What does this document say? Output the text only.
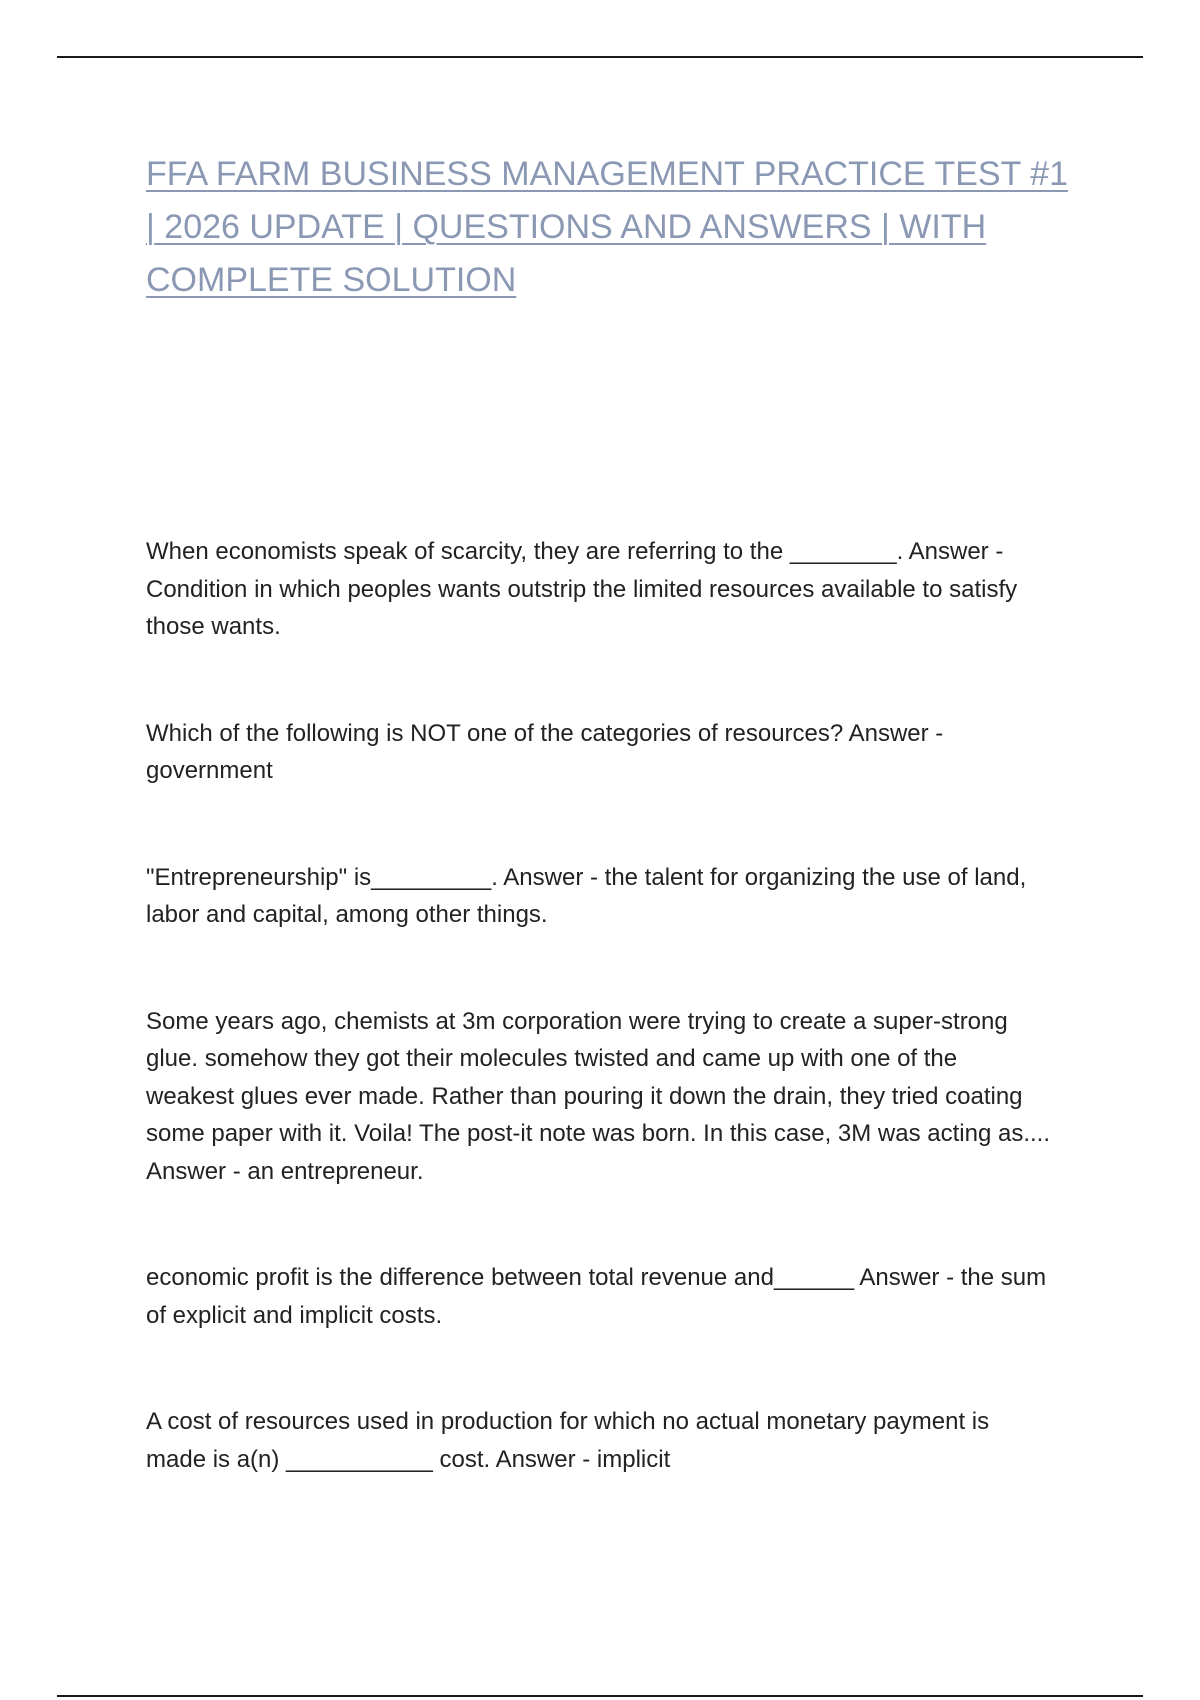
FFA FARM BUSINESS MANAGEMENT PRACTICE TEST #1 | 2026 UPDATE | QUESTIONS AND ANSWERS | WITH COMPLETE SOLUTION
When economists speak of scarcity, they are referring to the ________. Answer - Condition in which peoples wants outstrip the limited resources available to satisfy those wants.
Which of the following is NOT one of the categories of resources? Answer - government
"Entrepreneurship" is_________. Answer - the talent for organizing the use of land, labor and capital, among other things.
Some years ago, chemists at 3m corporation were trying to create a super-strong glue. somehow they got their molecules twisted and came up with one of the weakest glues ever made. Rather than pouring it down the drain, they tried coating some paper with it. Voila! The post-it note was born. In this case, 3M was acting as.... Answer - an entrepreneur.
economic profit is the difference between total revenue and______ Answer - the sum of explicit and implicit costs.
A cost of resources used in production for which no actual monetary payment is made is a(n) ___________ cost. Answer - implicit
